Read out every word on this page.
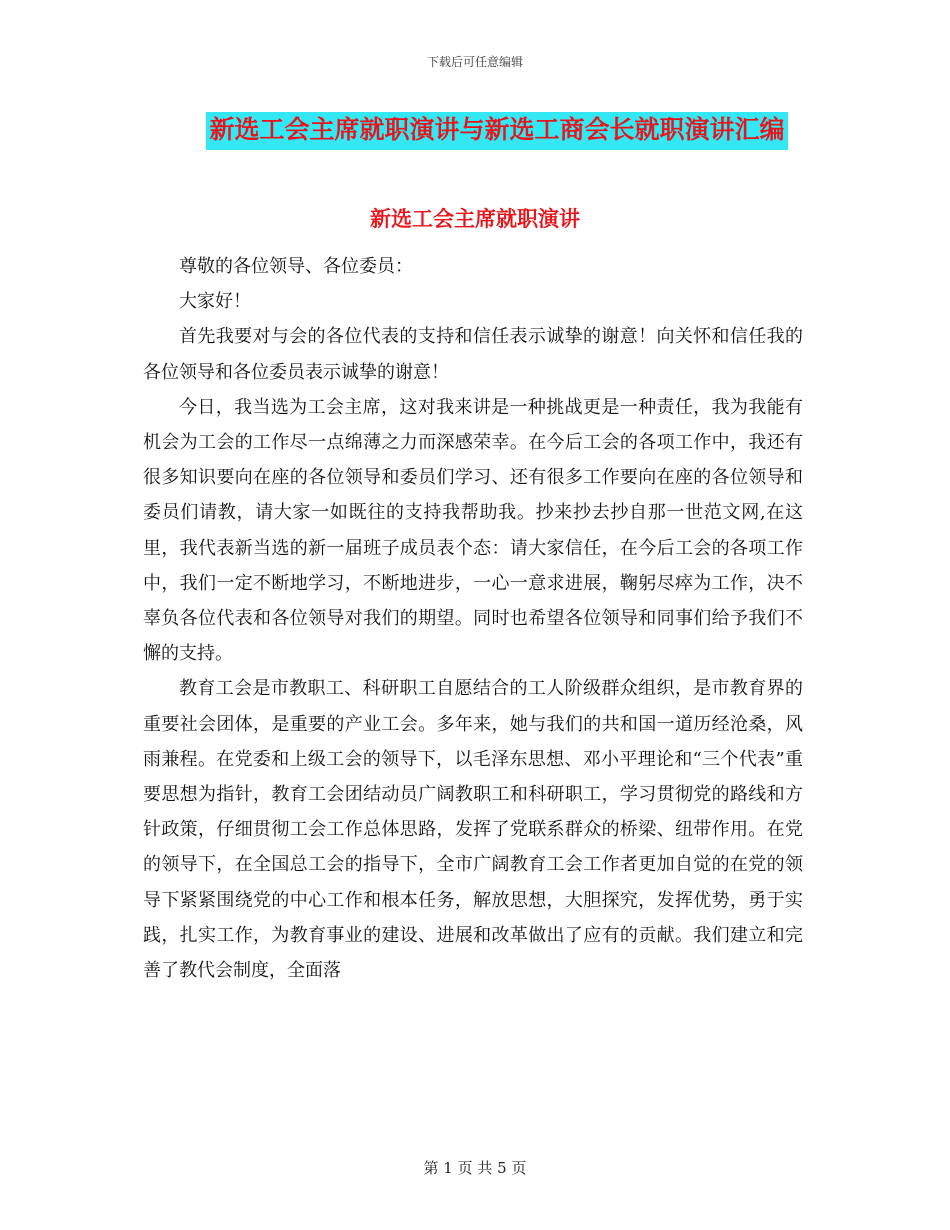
下载后可任意编辑
新选工会主席就职演讲与新选工商会长就职演讲汇编
新选工会主席就职演讲

尊敬的各位领导、各位委员：

大家好！

首先我要对与会的各位代表的支持和信任表示诚挚的谢意！向关怀和信任我的各位领导和各位委员表示诚挚的谢意！

今日，我当选为工会主席，这对我来讲是一种挑战更是一种责任，我为我能有机会为工会的工作尽一点绵薄之力而深感荣幸。在今后工会的各项工作中，我还有很多知识要向在座的各位领导和委员们学习、还有很多工作要向在座的各位领导和委员们请教，请大家一如既往的支持我帮助我。抄来抄去抄自那一世范文网,在这里，我代表新当选的新一届班子成员表个态：请大家信任，在今后工会的各项工作中，我们一定不断地学习，不断地进步，一心一意求进展，鞠躬尽瘁为工作，决不辜负各位代表和各位领导对我们的期望。同时也希望各位领导和同事们给予我们不懈的支持。

教育工会是市教职工、科研职工自愿结合的工人阶级群众组织，是市教育界的重要社会团体，是重要的产业工会。多年来，她与我们的共和国一道历经沧桑，风雨兼程。在党委和上级工会的领导下，以毛泽东思想、邓小平理论和“三个代表”重要思想为指针，教育工会团结动员广阔教职工和科研职工，学习贯彻党的路线和方针政策，仔细贯彻工会工作总体思路，发挥了党联系群众的桥梁、纽带作用。在党的领导下，在全国总工会的指导下，全市广阔教育工会工作者更加自觉的在党的领导下紧紧围绕党的中心工作和根本任务，解放思想，大胆探究，发挥优势，勇于实践，扎实工作，为教育事业的建设、进展和改革做出了应有的贡献。我们建立和完善了教代会制度，全面落

第 1 页 共 5 页
